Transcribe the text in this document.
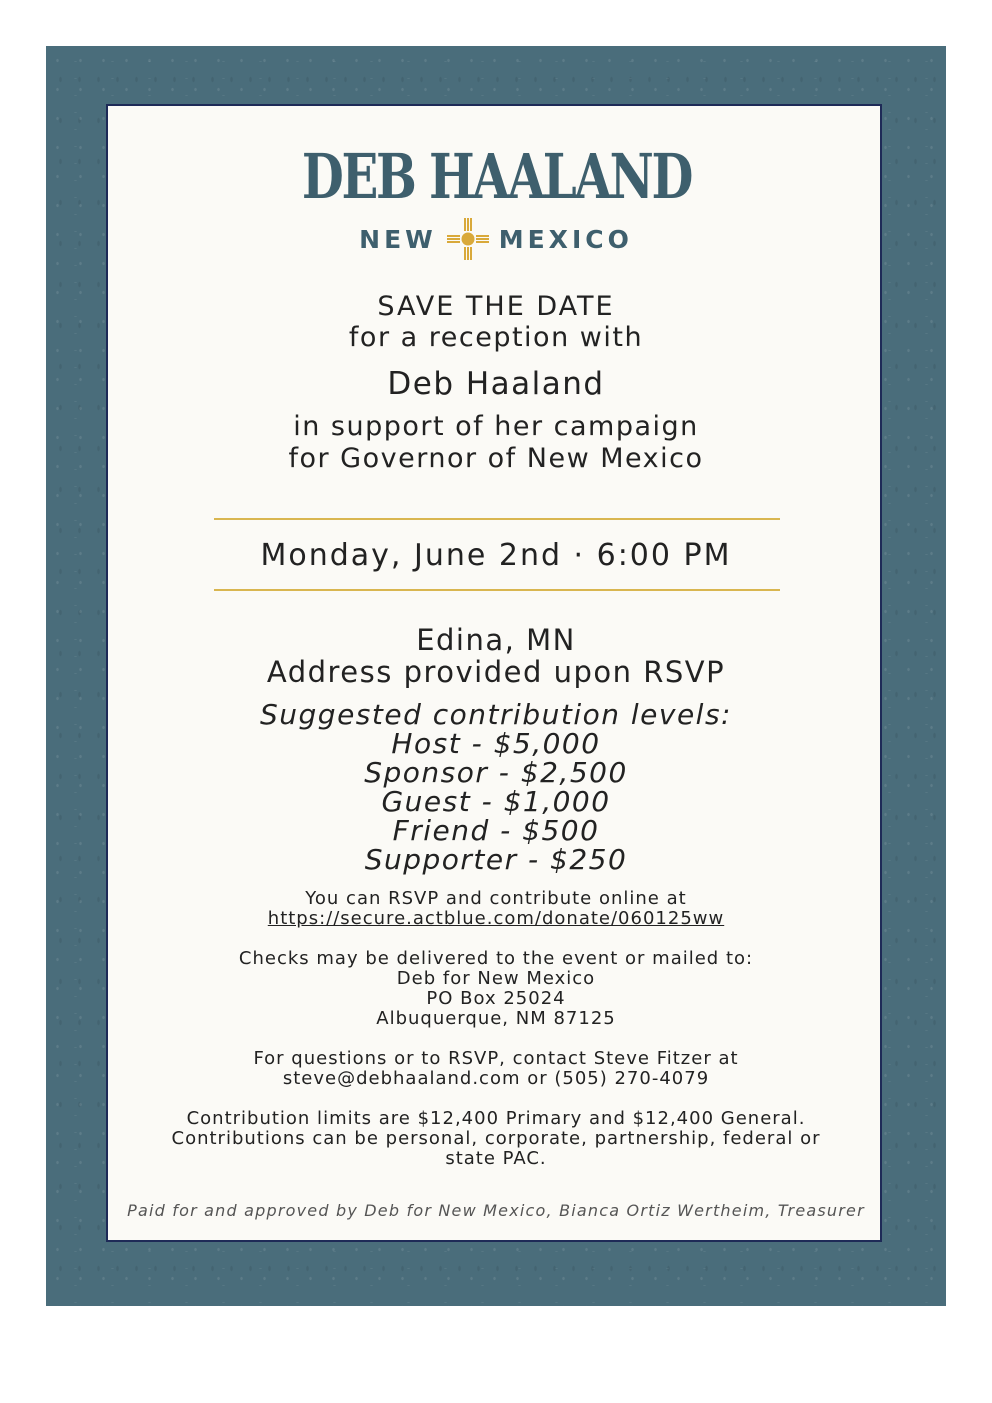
DEB HAALAND
NEW MEXICO
SAVE THE DATE
for a reception with
Deb Haaland
in support of her campaign
for Governor of New Mexico
Monday, June 2nd · 6:00 PM
Edina, MN
Address provided upon RSVP
Suggested contribution levels:
Host - $5,000
Sponsor - $2,500
Guest - $1,000
Friend - $500
Supporter - $250
You can RSVP and contribute online at
https://secure.actblue.com/donate/060125ww
Checks may be delivered to the event or mailed to:
Deb for New Mexico
PO Box 25024
Albuquerque, NM 87125
For questions or to RSVP, contact Steve Fitzer at
steve@debhaaland.com or (505) 270-4079
Contribution limits are $12,400 Primary and $12,400 General.
Contributions can be personal, corporate, partnership, federal or
state PAC.
Paid for and approved by Deb for New Mexico, Bianca Ortiz Wertheim, Treasurer
